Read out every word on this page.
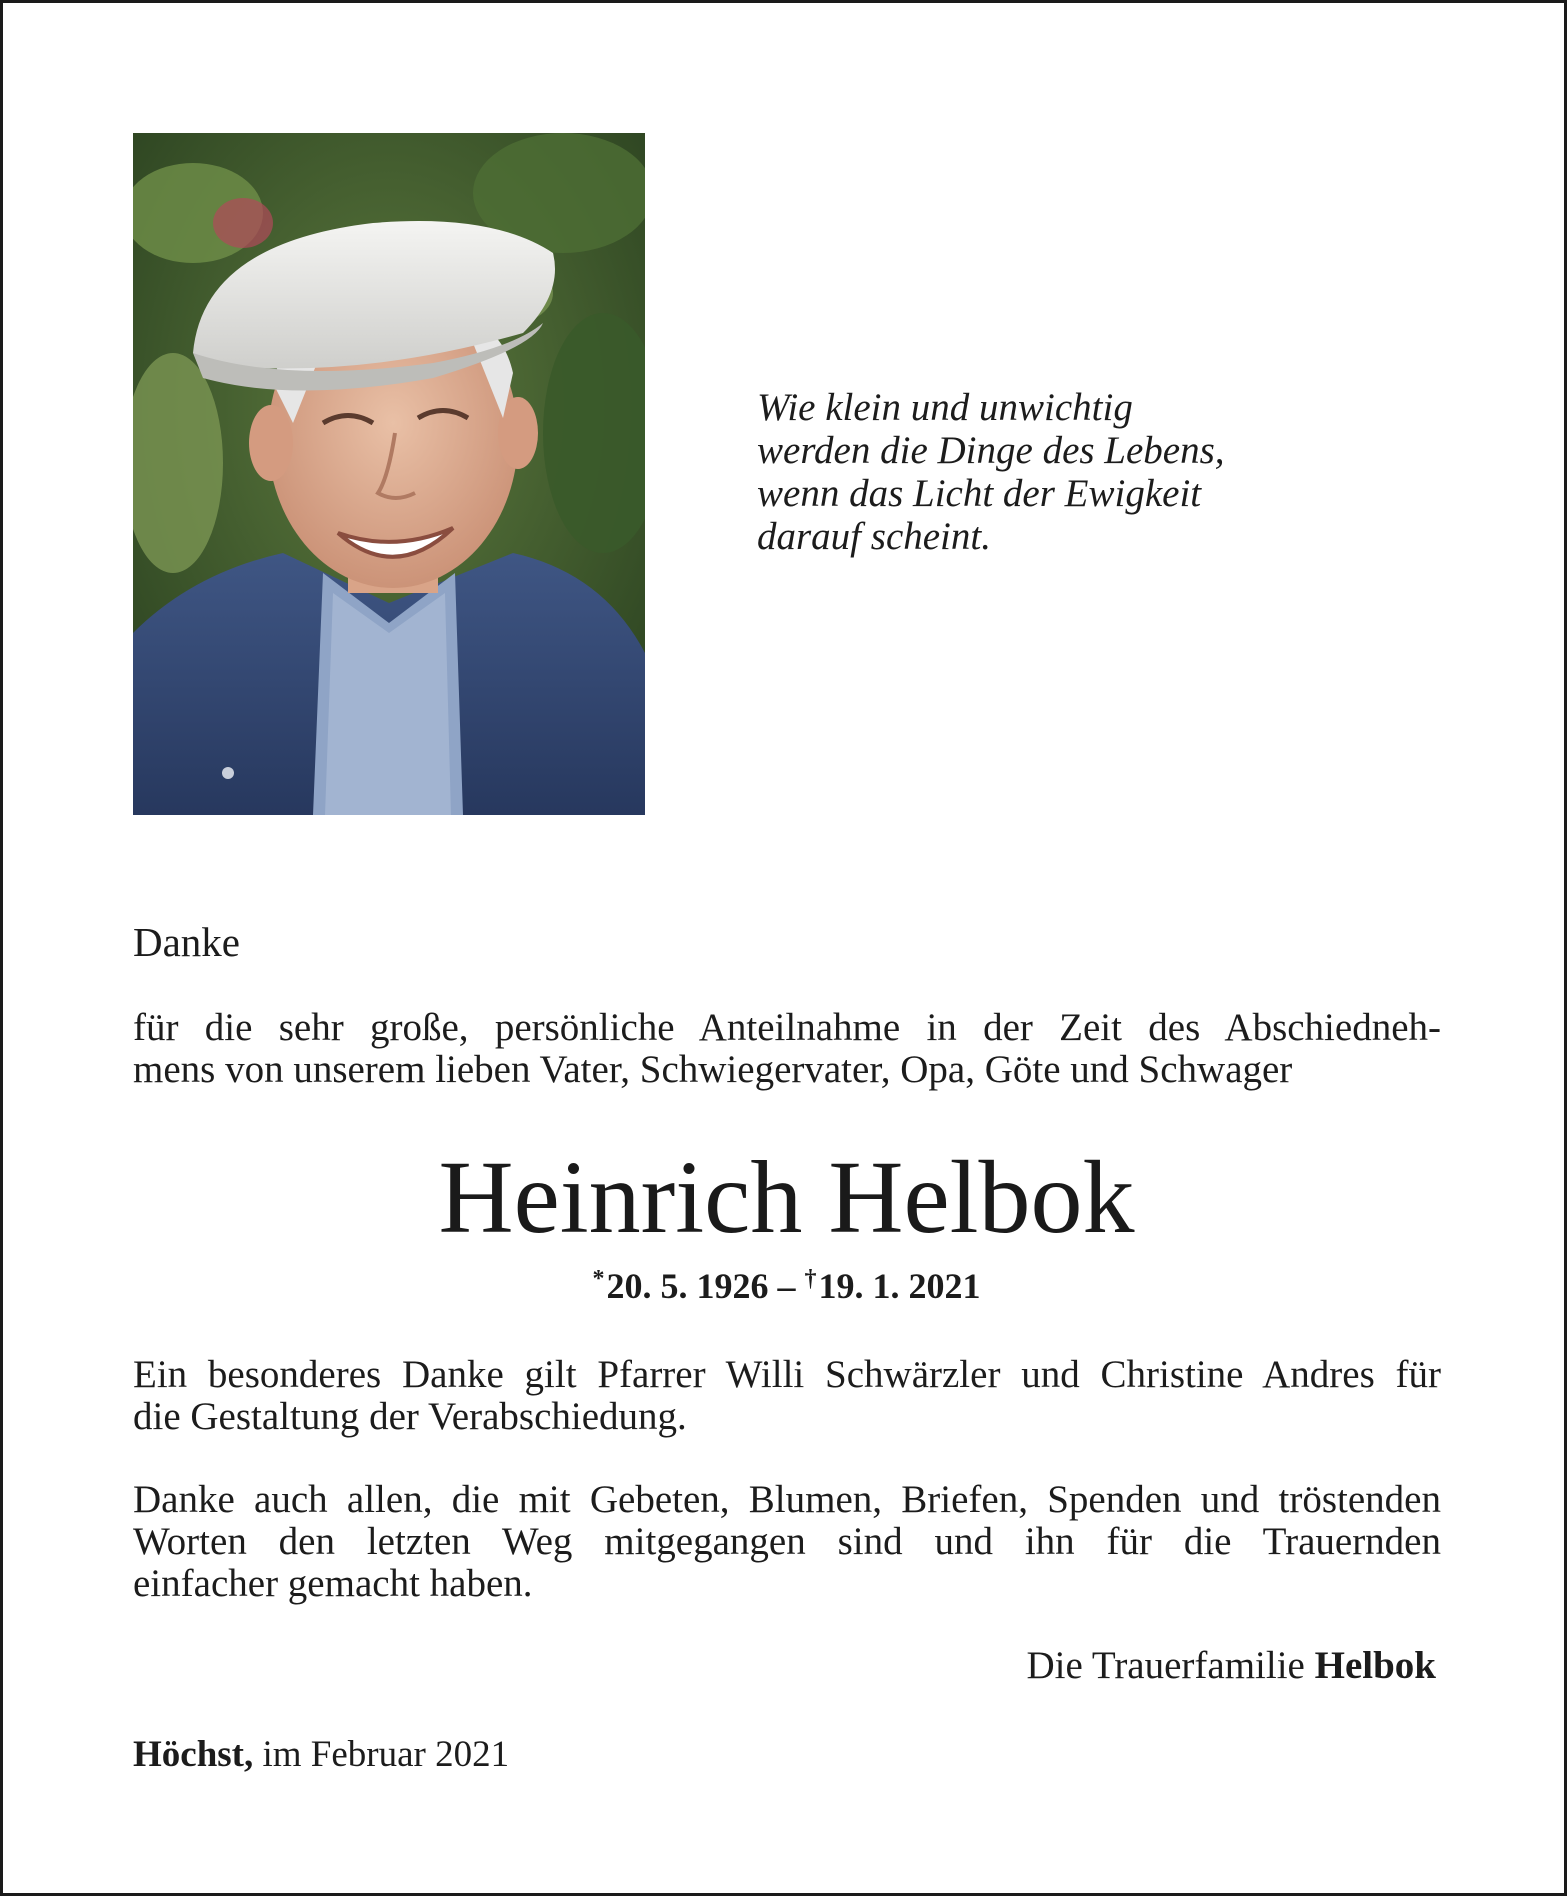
Wie klein und unwichtig
werden die Dinge des Lebens,
wenn das Licht der Ewigkeit
darauf scheint.
Danke
für die sehr große, persönliche Anteilnahme in der Zeit des Abschiedneh-
mens von unserem lieben Vater, Schwiegervater, Opa, Göte und Schwager
Heinrich Helbok
*20. 5. 1926 – †19. 1. 2021
Ein besonderes Danke gilt Pfarrer Willi Schwärzler und Christine Andres für
die Gestaltung der Verabschiedung.
Danke auch allen, die mit Gebeten, Blumen, Briefen, Spenden und tröstenden
Worten den letzten Weg mitgegangen sind und ihn für die Trauernden
einfacher gemacht haben.
Die Trauerfamilie Helbok
Höchst, im Februar 2021
